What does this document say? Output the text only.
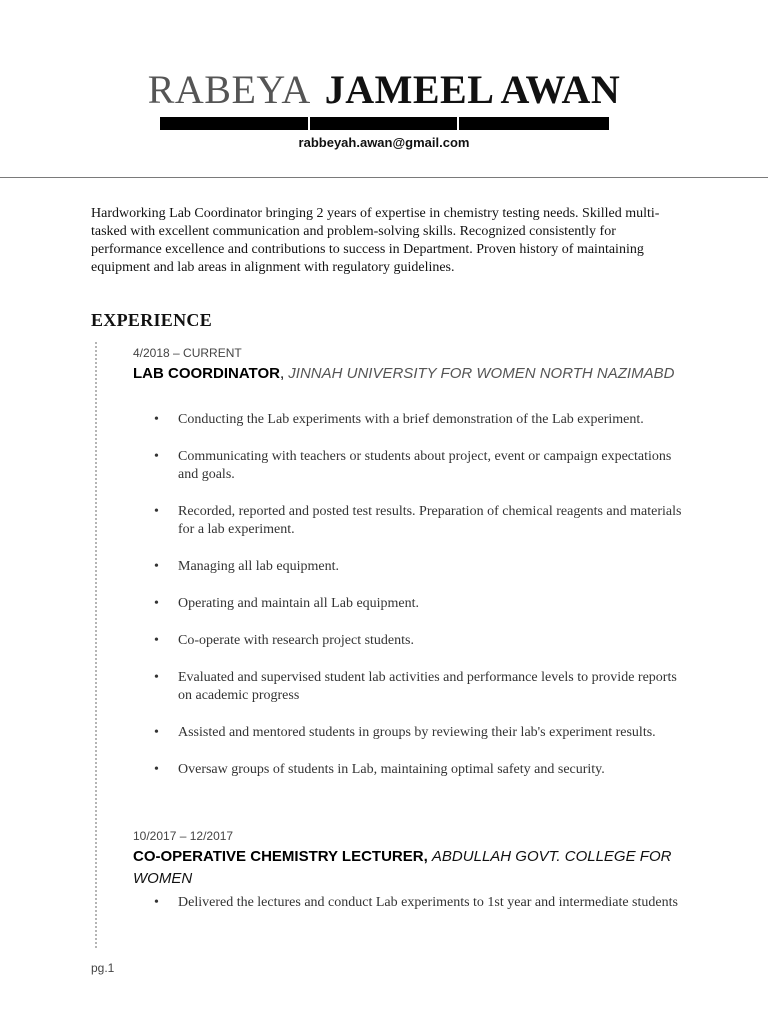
RABEYA JAMEEL AWAN
rabbeyah.awan@gmail.com
Hardworking Lab Coordinator bringing 2 years of expertise in chemistry testing needs. Skilled multi-tasked with excellent communication and problem-solving skills. Recognized consistently for performance excellence and contributions to success in Department. Proven history of maintaining equipment and lab areas in alignment with regulatory guidelines.
EXPERIENCE
4/2018 – CURRENT
LAB COORDINATOR, JINNAH UNIVERSITY FOR WOMEN NORTH NAZIMABD
• Conducting the Lab experiments with a brief demonstration of the Lab experiment.
• Communicating with teachers or students about project, event or campaign expectations and goals.
• Recorded, reported and posted test results. Preparation of chemical reagents and materials for a lab experiment.
• Managing all lab equipment.
• Operating and maintain all Lab equipment.
• Co-operate with research project students.
• Evaluated and supervised student lab activities and performance levels to provide reports on academic progress
• Assisted and mentored students in groups by reviewing their lab's experiment results.
• Oversaw groups of students in Lab, maintaining optimal safety and security.
10/2017 – 12/2017
CO-OPERATIVE CHEMISTRY LECTURER, ABDULLAH GOVT. COLLEGE FOR WOMEN
• Delivered the lectures and conduct Lab experiments to 1st year and intermediate students
pg.1
